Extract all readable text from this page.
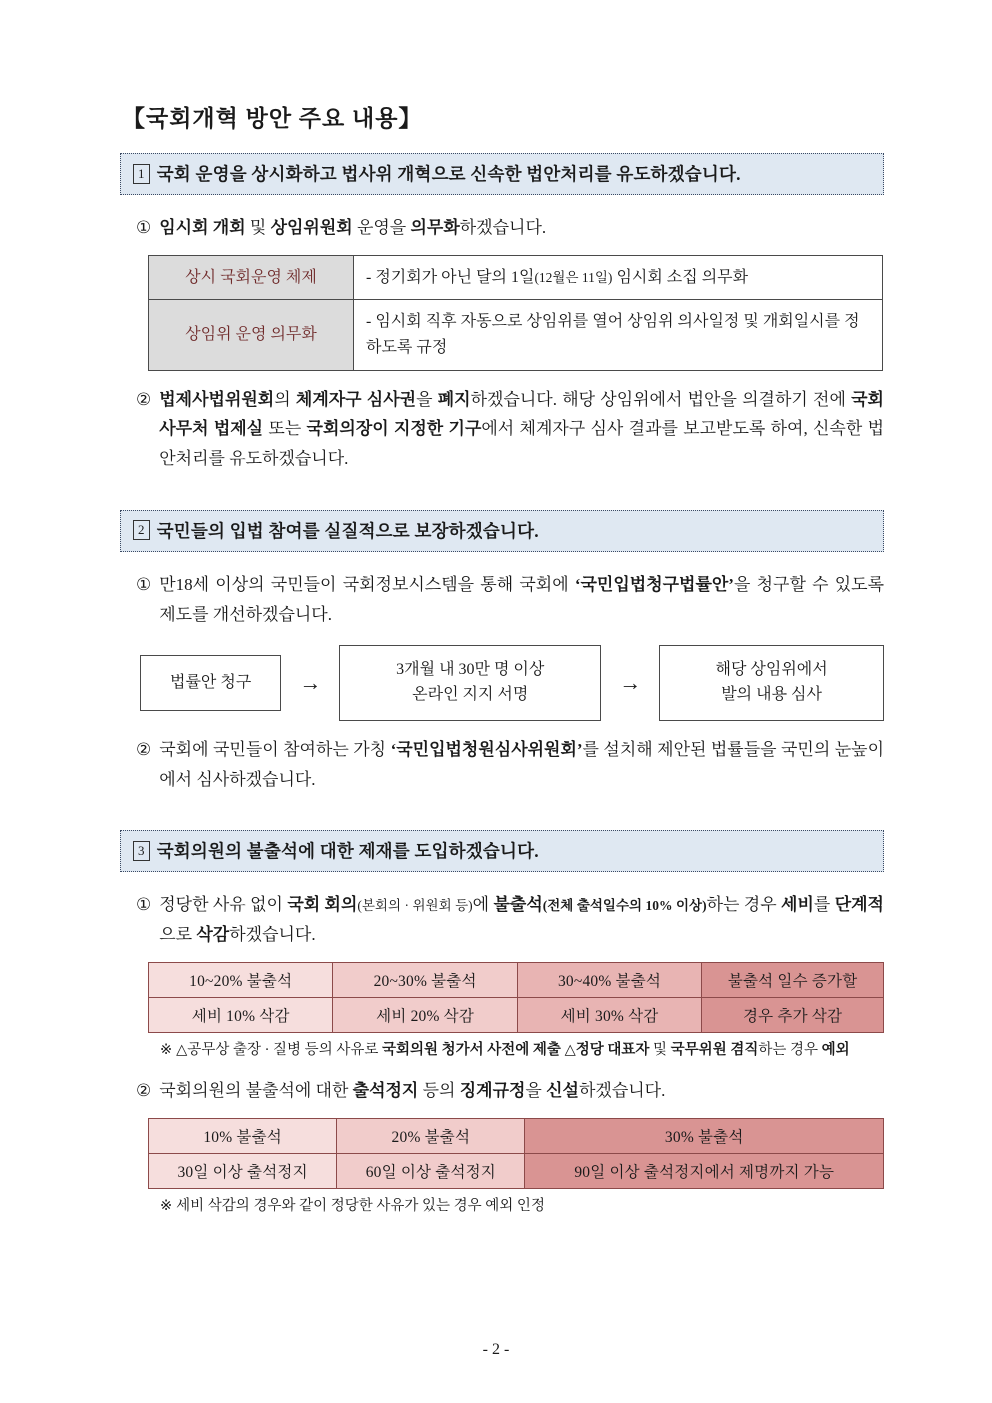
【국회개혁 방안 주요 내용】
1 국회 운영을 상시화하고 법사위 개혁으로 신속한 법안처리를 유도하겠습니다.
① 임시회 개회 및 상임위원회 운영을 의무화하겠습니다.
상시 국회운영 체제	- 정기회가 아닌 달의 1일(12월은 11일) 임시회 소집 의무화
상임위 운영 의무화	- 임시회 직후 자동으로 상임위를 열어 상임위 의사일정 및 개회일시를 정하도록 규정
② 법제사법위원회의 체계자구 심사권을 폐지하겠습니다. 해당 상임위에서 법안을 의결하기 전에 국회사무처 법제실 또는 국회의장이 지정한 기구에서 체계자구 심사 결과를 보고받도록 하여, 신속한 법안처리를 유도하겠습니다.
2 국민들의 입법 참여를 실질적으로 보장하겠습니다.
① 만18세 이상의 국민들이 국회정보시스템을 통해 국회에 ‘국민입법청구법률안’을 청구할 수 있도록 제도를 개선하겠습니다.
법률안 청구	→
3개월 내 30만 명 이상
온라인 지지 서명	→
해당 상임위에서
발의 내용 심사
② 국회에 국민들이 참여하는 가칭 ‘국민입법청원심사위원회’를 설치해 제안된 법률들을 국민의 눈높이에서 심사하겠습니다.
3 국회의원의 불출석에 대한 제재를 도입하겠습니다.
① 정당한 사유 없이 국회 회의(본회의 · 위원회 등)에 불출석(전체 출석일수의 10% 이상)하는 경우 세비를 단계적으로 삭감하겠습니다.
10~20% 불출석	20~30% 불출석	30~40% 불출석	불출석 일수 증가할
세비 10% 삭감	세비 20% 삭감	세비 30% 삭감	경우 추가 삭감
※ △공무상 출장 · 질병 등의 사유로 국회의원 청가서 사전에 제출 △정당 대표자 및 국무위원 겸직하는 경우 예외
② 국회의원의 불출석에 대한 출석정지 등의 징계규정을 신설하겠습니다.
10% 불출석	20% 불출석	30% 불출석
30일 이상 출석정지	60일 이상 출석정지	90일 이상 출석정지에서 제명까지 가능
※ 세비 삭감의 경우와 같이 정당한 사유가 있는 경우 예외 인정
- 2 -
